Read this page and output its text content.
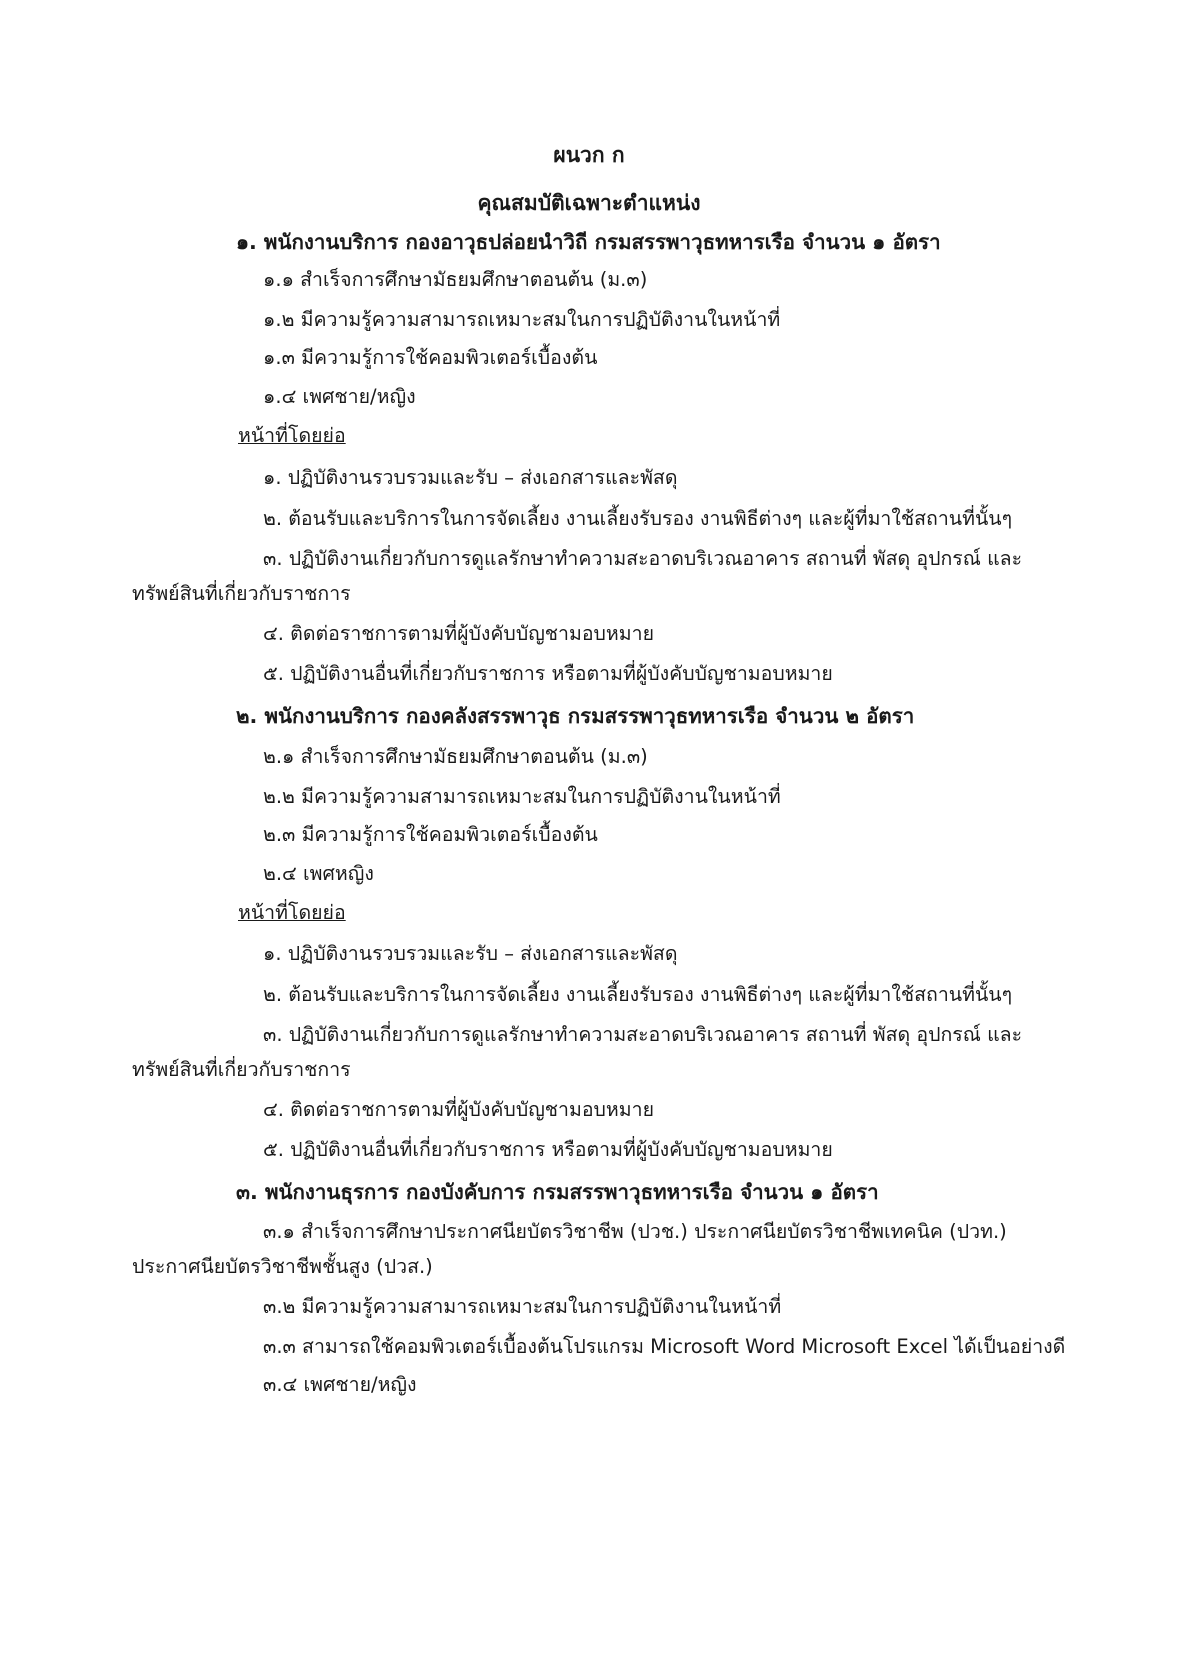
ผนวก ก
คุณสมบัติเฉพาะตำแหน่ง
๑. พนักงานบริการ กองอาวุธปล่อยนำวิถี กรมสรรพาวุธทหารเรือ จำนวน ๑ อัตรา
๑.๑ สำเร็จการศึกษามัธยมศึกษาตอนต้น (ม.๓)
๑.๒ มีความรู้ความสามารถเหมาะสมในการปฏิบัติงานในหน้าที่
๑.๓ มีความรู้การใช้คอมพิวเตอร์เบื้องต้น
๑.๔ เพศชาย/หญิง
หน้าที่โดยย่อ
๑. ปฏิบัติงานรวบรวมและรับ – ส่งเอกสารและพัสดุ
๒. ต้อนรับและบริการในการจัดเลี้ยง งานเลี้ยงรับรอง งานพิธีต่างๆ และผู้ที่มาใช้สถานที่นั้นๆ
๓. ปฏิบัติงานเกี่ยวกับการดูแลรักษาทำความสะอาดบริเวณอาคาร สถานที่ พัสดุ อุปกรณ์ และ
ทรัพย์สินที่เกี่ยวกับราชการ
๔. ติดต่อราชการตามที่ผู้บังคับบัญชามอบหมาย
๕. ปฏิบัติงานอื่นที่เกี่ยวกับราชการ หรือตามที่ผู้บังคับบัญชามอบหมาย
๒. พนักงานบริการ กองคลังสรรพาวุธ กรมสรรพาวุธทหารเรือ จำนวน ๒ อัตรา
๒.๑ สำเร็จการศึกษามัธยมศึกษาตอนต้น (ม.๓)
๒.๒ มีความรู้ความสามารถเหมาะสมในการปฏิบัติงานในหน้าที่
๒.๓ มีความรู้การใช้คอมพิวเตอร์เบื้องต้น
๒.๔ เพศหญิง
หน้าที่โดยย่อ
๑. ปฏิบัติงานรวบรวมและรับ – ส่งเอกสารและพัสดุ
๒. ต้อนรับและบริการในการจัดเลี้ยง งานเลี้ยงรับรอง งานพิธีต่างๆ และผู้ที่มาใช้สถานที่นั้นๆ
๓. ปฏิบัติงานเกี่ยวกับการดูแลรักษาทำความสะอาดบริเวณอาคาร สถานที่ พัสดุ อุปกรณ์ และ
ทรัพย์สินที่เกี่ยวกับราชการ
๔. ติดต่อราชการตามที่ผู้บังคับบัญชามอบหมาย
๕. ปฏิบัติงานอื่นที่เกี่ยวกับราชการ หรือตามที่ผู้บังคับบัญชามอบหมาย
๓. พนักงานธุรการ กองบังคับการ กรมสรรพาวุธทหารเรือ จำนวน ๑ อัตรา
๓.๑ สำเร็จการศึกษาประกาศนียบัตรวิชาชีพ (ปวช.) ประกาศนียบัตรวิชาชีพเทคนิค (ปวท.)
ประกาศนียบัตรวิชาชีพชั้นสูง (ปวส.)
๓.๒ มีความรู้ความสามารถเหมาะสมในการปฏิบัติงานในหน้าที่
๓.๓ สามารถใช้คอมพิวเตอร์เบื้องต้นโปรแกรม Microsoft Word Microsoft Excel ได้เป็นอย่างดี
๓.๔ เพศชาย/หญิง
